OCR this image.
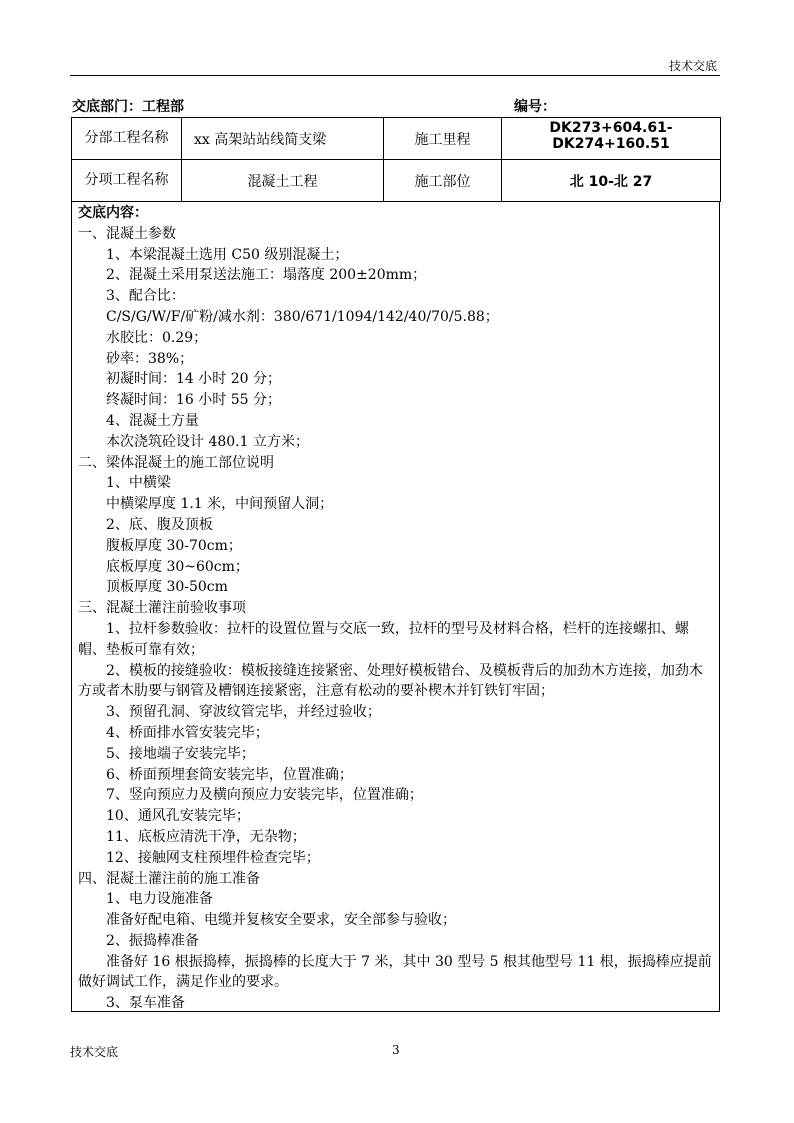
技术交底
交底部门：工程部	编号：
分部工程名称	xx 高架站站线简支梁	施工里程	DK273+604.61-DK274+160.51
分项工程名称	混凝土工程	施工部位	北 10-北 27
交底内容：
一、混凝土参数
1、本梁混凝土选用 C50 级别混凝土；
2、混凝土采用泵送法施工：塌落度 200±20mm；
3、配合比：
C/S/G/W/F/矿粉/减水剂：380/671/1094/142/40/70/5.88；
水胶比：0.29；
砂率：38%；
初凝时间：14 小时 20 分；
终凝时间：16 小时 55 分；
4、混凝土方量
本次浇筑砼设计 480.1 立方米；
二、梁体混凝土的施工部位说明
1、中横梁
中横梁厚度 1.1 米，中间预留人洞；
2、底、腹及顶板
腹板厚度 30-70cm；
底板厚度 30~60cm；
顶板厚度 30-50cm
三、混凝土灌注前验收事项
1、拉杆参数验收：拉杆的设置位置与交底一致，拉杆的型号及材料合格，栏杆的连接螺扣、螺帽、垫板可靠有效；
2、模板的接缝验收：模板接缝连接紧密、处理好模板错台、及模板背后的加劲木方连接，加劲木方或者木肋要与钢管及槽钢连接紧密，注意有松动的要补楔木并钉铁钉牢固；
3、预留孔洞、穿波纹管完毕，并经过验收；
4、桥面排水管安装完毕；
5、接地端子安装完毕；
6、桥面预埋套筒安装完毕，位置准确；
7、竖向预应力及横向预应力安装完毕，位置准确；
10、通风孔安装完毕；
11、底板应清洗干净，无杂物；
12、接触网支柱预埋件检查完毕；
四、混凝土灌注前的施工准备
1、电力设施准备
准备好配电箱、电缆并复核安全要求，安全部参与验收；
2、振捣棒准备
准备好 16 根振捣棒，振捣棒的长度大于 7 米，其中 30 型号 5 根其他型号 11 根，振捣棒应提前做好调试工作，满足作业的要求。
3、泵车准备
技术交底	3
